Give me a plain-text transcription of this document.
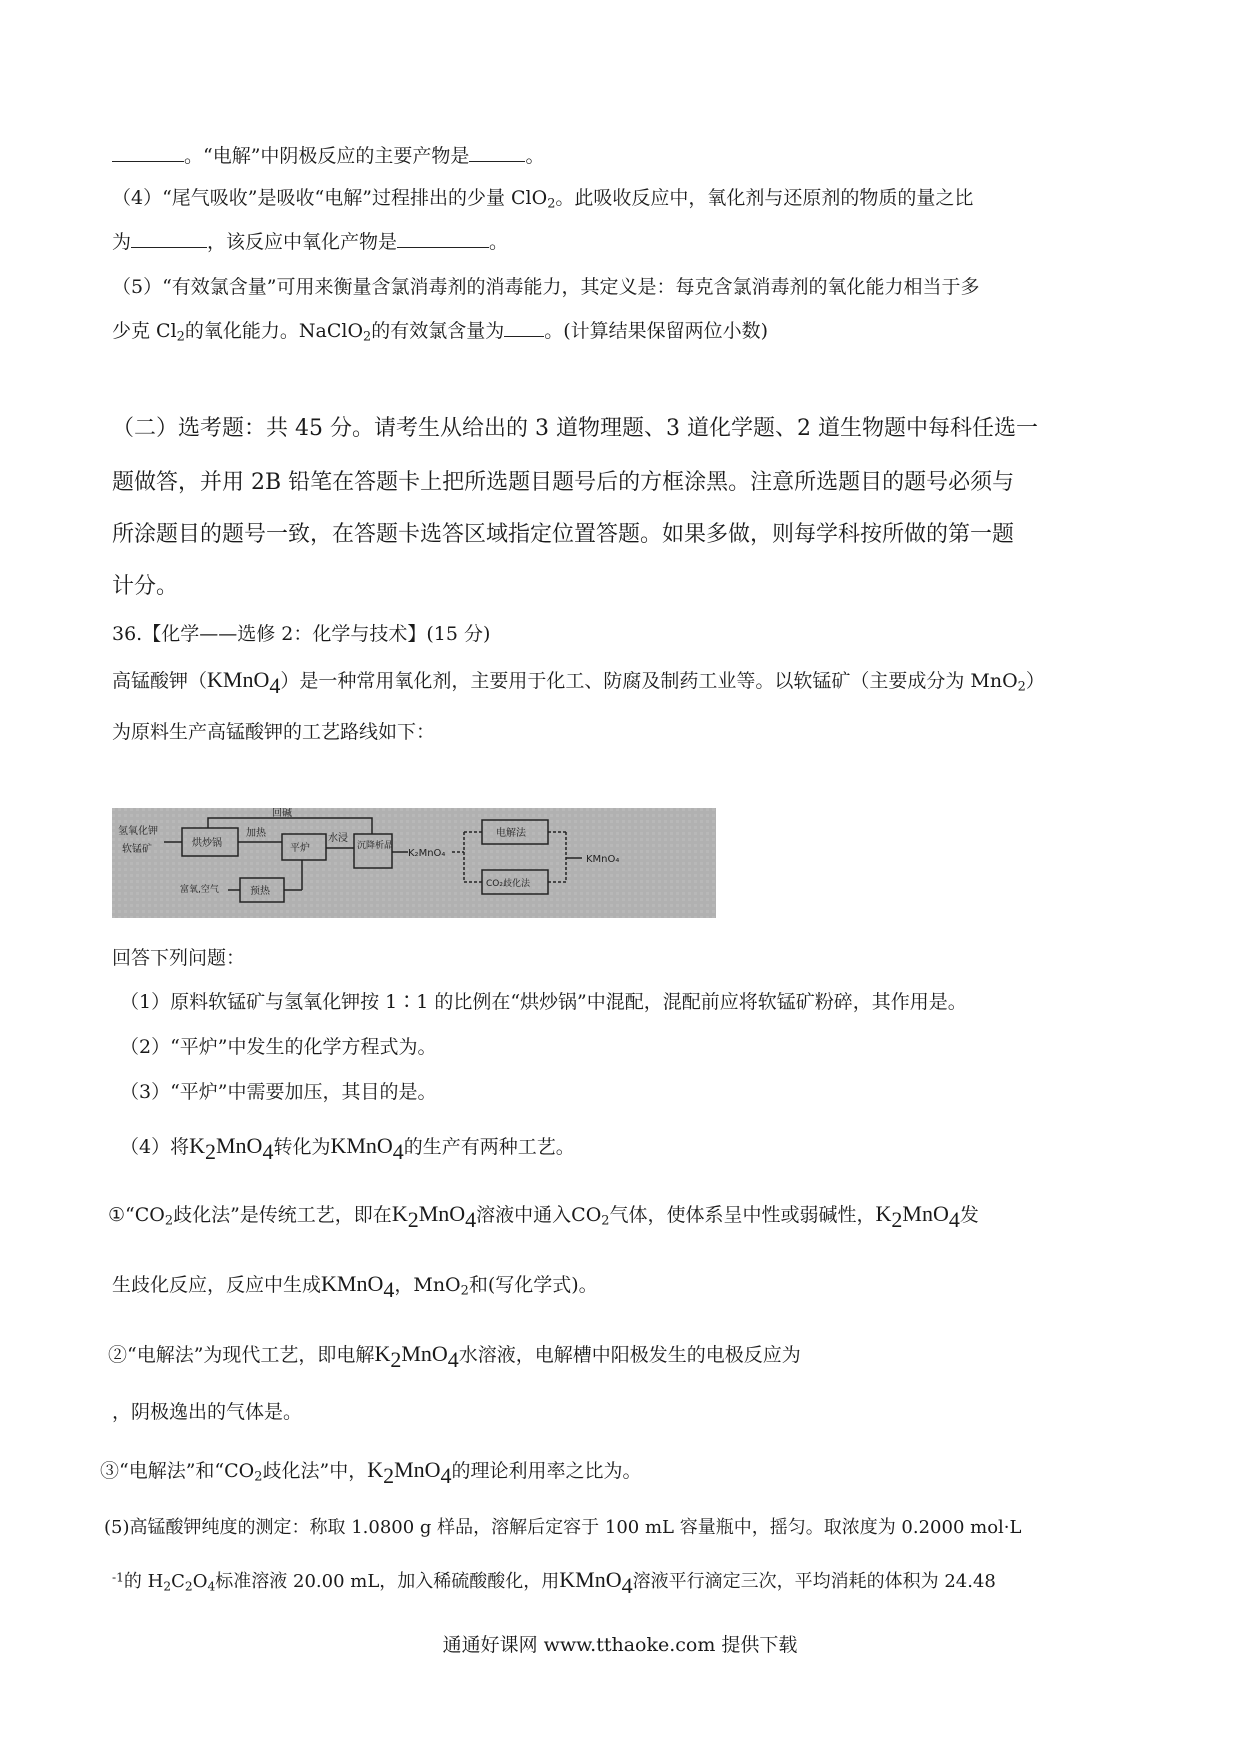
。“电解”中阴极反应的主要产物是	。
（4）“尾气吸收”是吸收“电解”过程排出的少量 ClO$_2$。此吸收反应中，氧化剂与还原剂的物质的量之比
为	，该反应中氧化产物是	。
（5）“有效氯含量”可用来衡量含氯消毒剂的消毒能力，其定义是：每克含氯消毒剂的氧化能力相当于多
少克 $Cl_2$的氧化能力。NaClO$_2$的有效氯含量为 。(计算结果保留两位小数)
（二）选考题：共 45 分。请考生从给出的 3 道物理题、3 道化学题、2 道生物题中每科任选一
题做答，并用 2B 铅笔在答题卡上把所选题目题号后的方框涂黑。注意所选题目的题号必须与
所涂题目的题号一致，在答题卡选答区域指定位置答题。如果多做，则每学科按所做的第一题
计分。
36.【化学——选修 2：化学与技术】(15 分)
高锰酸钾（KMnO$_4$）是一种常用氧化剂，主要用于化工、防腐及制药工业等。以软锰矿（主要成分为 MnO$_2$）
为原料生产高锰酸钾的工艺路线如下：
氢氧化钾
软锰矿
烘炒锅
加热
平炉
水浸
沉降析晶
回碱
K₂MnO₄
富氧,空气	预热
电解法
CO₂歧化法
KMnO₄
回答下列问题：
（1）原料软锰矿与氢氧化钾按 1∶1 的比例在“烘炒锅”中混配，混配前应将软锰矿粉碎，其作用是。
（2）“平炉”中发生的化学方程式为。
（3）“平炉”中需要加压，其目的是。
（4）将$K_2MnO_4$转化为KMnO$_4$的生产有两种工艺。
$①“CO_2$歧化法”是传统工艺，即在$K_2MnO_4$溶液中通入$CO_2$气体，使体系呈中性或弱碱性，$K_2MnO_4$发
生歧化反应，反应中生成KMnO$_4$，MnO$_2$和(写化学式)。
②“电解法”为现代工艺，即电解$K_2MnO_4$水溶液，电解槽中阳极发生的电极反应为
，阴极逸出的气体是。
③“电解法”和“$CO_2$歧化法”中，$K_2MnO_4$的理论利用率之比为。
(5)高锰酸钾纯度的测定：称取 1.0800 g 样品，溶解后定容于 100 mL 容量瓶中，摇匀。取浓度为 0.2000 mol·L
$^{-1}$的 $H_2C_2O_4$标准溶液 20.00 mL，加入稀硫酸酸化，用KMnO$_4$溶液平行滴定三次，平均消耗的体积为 24.48
通通好课网 www.tthaoke.com 提供下载
